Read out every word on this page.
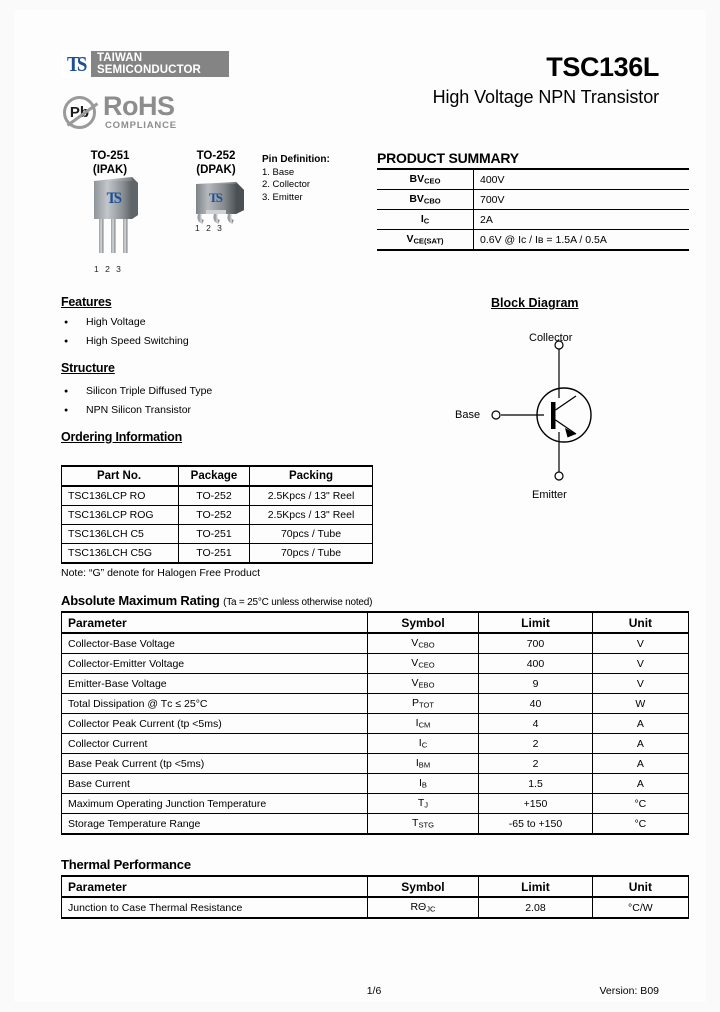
TS TAIWAN
SEMICONDUCTOR
Pb RoHS
COMPLIANCE
TSC136L
High Voltage NPN Transistor
TO-251
(IPAK)
TO-252
(DPAK)
TS
1 2 3
TS
1 2 3
Pin Definition:
1. Base
2. Collector
3. Emitter
PRODUCT SUMMARY
$BV_{CEO}$	400V
$BV_{CBO}$	700V
$I_C$	2A
$V_{CE(SAT)}$	0.6V @ Iᴄ / Iʙ = 1.5A / 0.5A
Features
● High Voltage
● High Speed Switching
Structure
● Silicon Triple Diffused Type
● NPN Silicon Transistor
Ordering Information
Part No.	Package	Packing
TSC136LCP RO	TO-252	2.5Kpcs / 13" Reel
TSC136LCP ROG	TO-252	2.5Kpcs / 13" Reel
TSC136LCH C5	TO-251	70pcs / Tube
TSC136LCH C5G	TO-251	70pcs / Tube
Note: “G” denote for Halogen Free Product
Block Diagram
Collector
Base
Emitter
Absolute Maximum Rating (Ta = 25°C unless otherwise noted)
Parameter	Symbol	Limit	Unit
Collector-Base Voltage	$V_{CBO}$	700	V
Collector-Emitter Voltage	$V_{CEO}$	400	V
Emitter-Base Voltage	$V_{EBO}$	9	V
Total Dissipation @ Tᴄ ≤ 25°C	$P_{TOT}$	40	W
Collector Peak Current (tp <5ms)	$I_{CM}$	4	A
Collector Current	$I_C$	2	A
Base Peak Current (tp <5ms)	$I_{BM}$	2	A
Base Current	$I_B$	1.5	A
Maximum Operating Junction Temperature	$T_J$	+150	°C
Storage Temperature Range	$T_{STG}$	-65 to +150	°C
Thermal Performance
Parameter	Symbol	Limit	Unit
Junction to Case Thermal Resistance	$R\Theta_{JC}$	2.08	°C/W
1/6	Version: B09
